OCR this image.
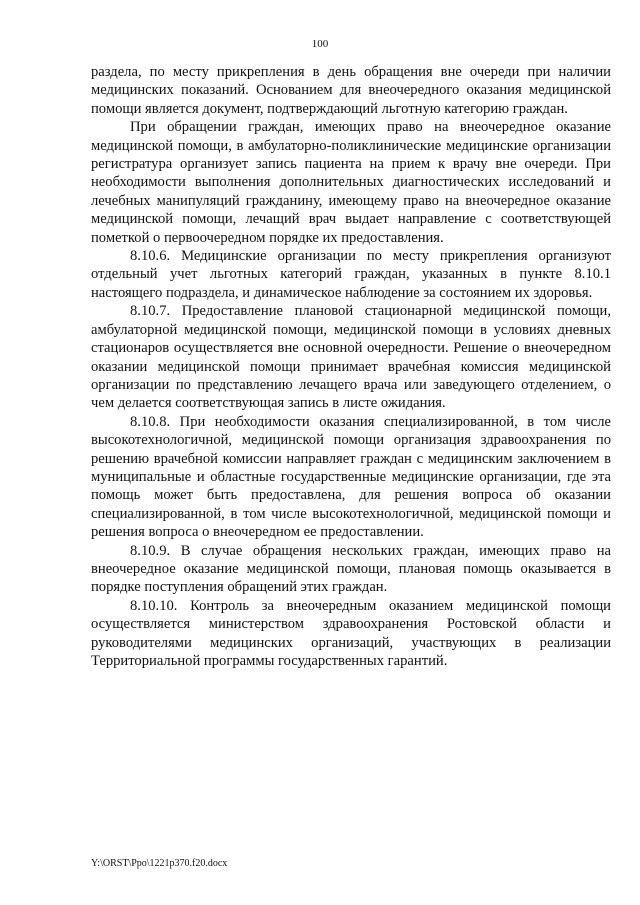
100

раздела, по месту прикрепления в день обращения вне очереди при наличии медицинских показаний. Основанием для внеочередного оказания медицинской помощи является документ, подтверждающий льготную категорию граждан.

При обращении граждан, имеющих право на внеочередное оказание медицинской помощи, в амбулаторно-поликлинические медицинские организации регистратура организует запись пациента на прием к врачу вне очереди. При необходимости выполнения дополнительных диагностических исследований и лечебных манипуляций гражданину, имеющему право на внеочередное оказание медицинской помощи, лечащий врач выдает направление с соответствующей пометкой о первоочередном порядке их предоставления.

8.10.6. Медицинские организации по месту прикрепления организуют отдельный учет льготных категорий граждан, указанных в пункте 8.10.1 настоящего подраздела, и динамическое наблюдение за состоянием их здоровья.

8.10.7. Предоставление плановой стационарной медицинской помощи, амбулаторной медицинской помощи, медицинской помощи в условиях дневных стационаров осуществляется вне основной очередности. Решение о внеочередном оказании медицинской помощи принимает врачебная комиссия медицинской организации по представлению лечащего врача или заведующего отделением, о чем делается соответствующая запись в листе ожидания.

8.10.8. При необходимости оказания специализированной, в том числе высокотехнологичной, медицинской помощи организация здравоохранения по решению врачебной комиссии направляет граждан с медицинским заключением в муниципальные и областные государственные медицинские организации, где эта помощь может быть предоставлена, для решения вопроса об оказании специализированной, в том числе высокотехнологичной, медицинской помощи и решения вопроса о внеочередном ее предоставлении.

8.10.9. В случае обращения нескольких граждан, имеющих право на внеочередное оказание медицинской помощи, плановая помощь оказывается в порядке поступления обращений этих граждан.

8.10.10. Контроль за внеочередным оказанием медицинской помощи осуществляется министерством здравоохранения Ростовской области и руководителями медицинских организаций, участвующих в реализации Территориальной программы государственных гарантий.

Y:\ORST\Ppo\1221p370.f20.docx
